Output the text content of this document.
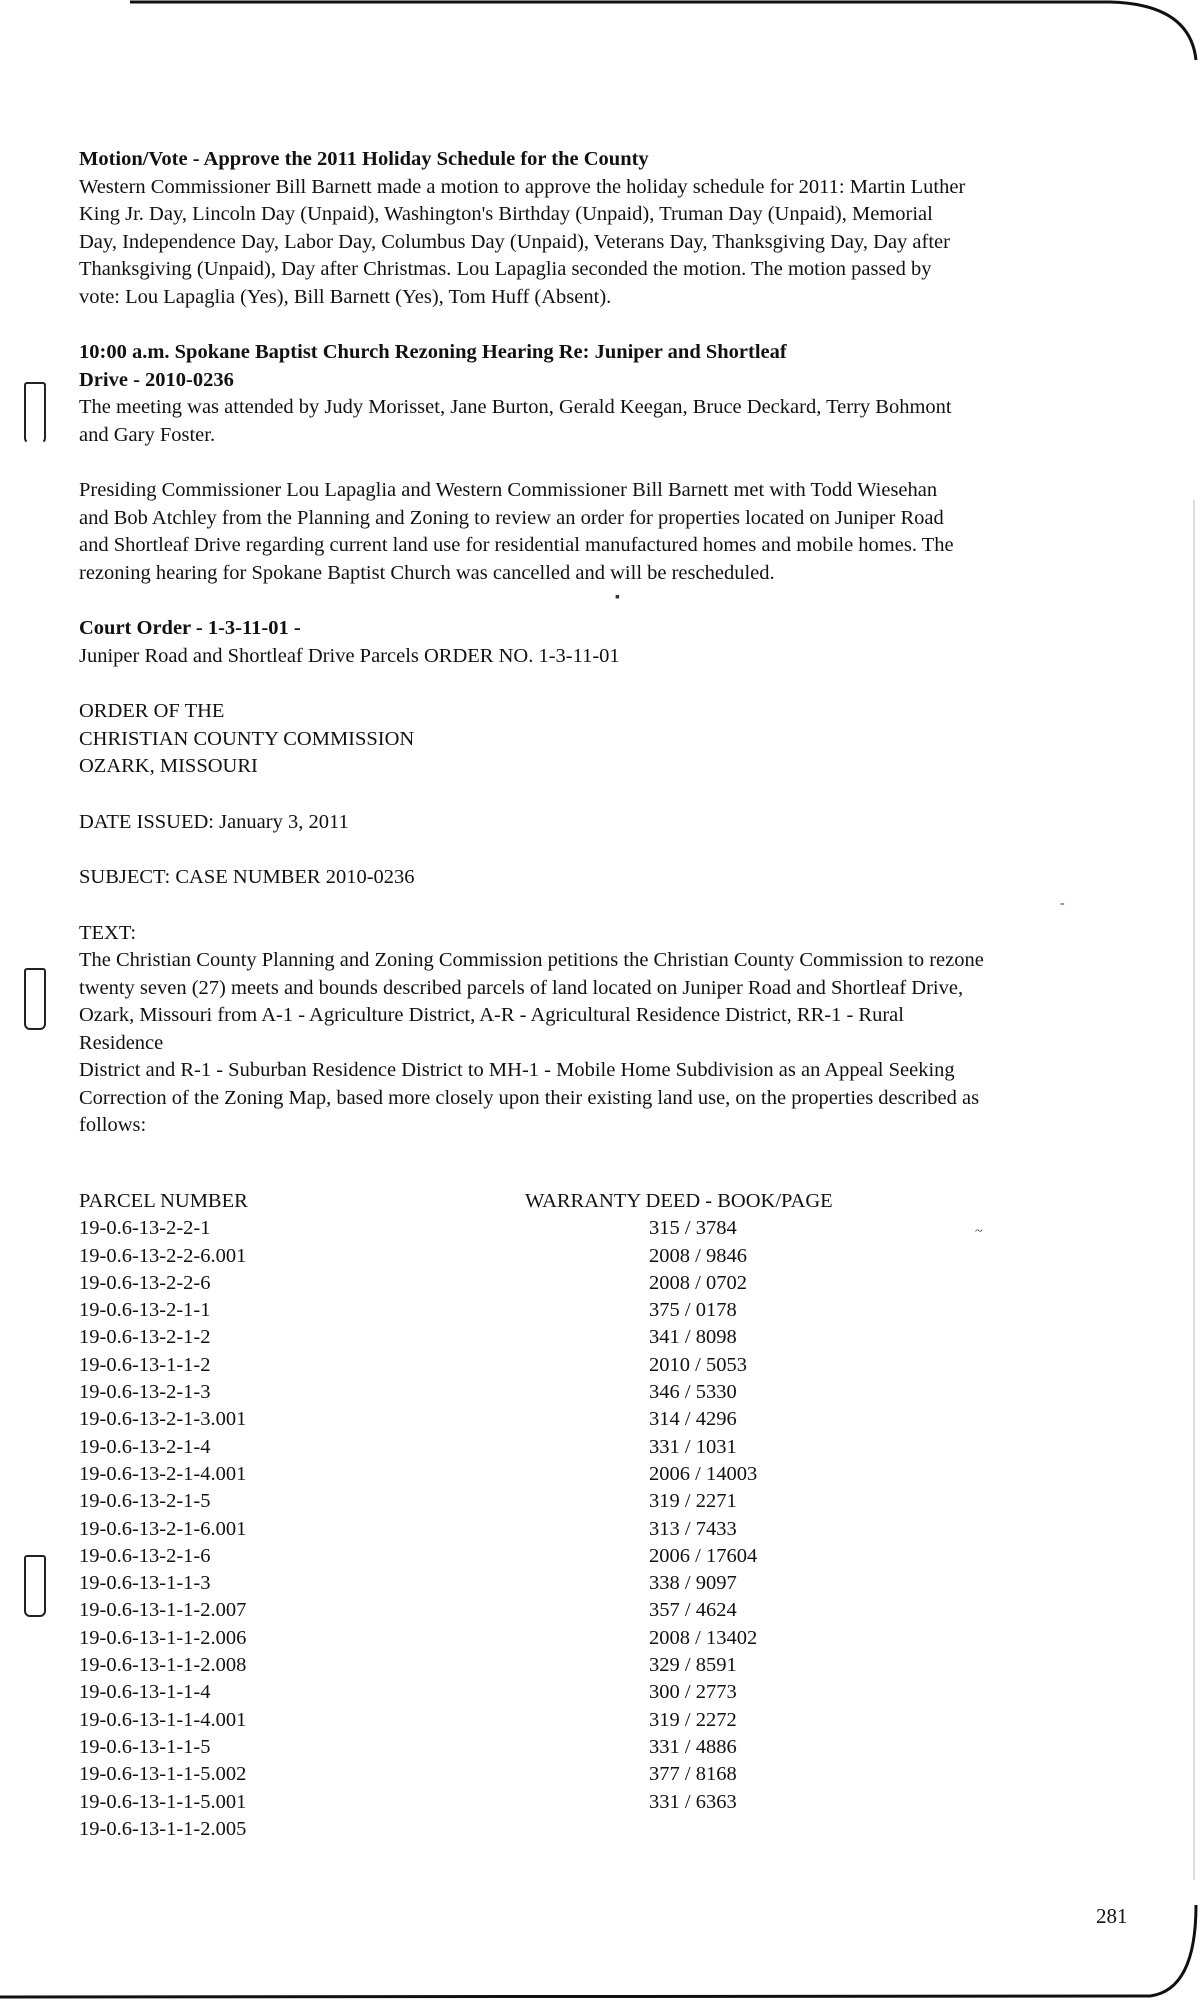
Motion/Vote - Approve the 2011 Holiday Schedule for the County
Western Commissioner Bill Barnett made a motion to approve the holiday schedule for 2011: Martin Luther
King Jr. Day, Lincoln Day (Unpaid), Washington's Birthday (Unpaid), Truman Day (Unpaid), Memorial
Day, Independence Day, Labor Day, Columbus Day (Unpaid), Veterans Day, Thanksgiving Day, Day after
Thanksgiving (Unpaid), Day after Christmas. Lou Lapaglia seconded the motion. The motion passed by
vote: Lou Lapaglia (Yes), Bill Barnett (Yes), Tom Huff (Absent).

10:00 a.m. Spokane Baptist Church Rezoning Hearing Re: Juniper and Shortleaf
Drive - 2010-0236
The meeting was attended by Judy Morisset, Jane Burton, Gerald Keegan, Bruce Deckard, Terry Bohmont
and Gary Foster.

Presiding Commissioner Lou Lapaglia and Western Commissioner Bill Barnett met with Todd Wiesehan
and Bob Atchley from the Planning and Zoning to review an order for properties located on Juniper Road
and Shortleaf Drive regarding current land use for residential manufactured homes and mobile homes. The
rezoning hearing for Spokane Baptist Church was cancelled and will be rescheduled.

Court Order - 1-3-11-01 -
Juniper Road and Shortleaf Drive Parcels ORDER NO. 1-3-11-01

ORDER OF THE
CHRISTIAN COUNTY COMMISSION
OZARK, MISSOURI

DATE ISSUED: January 3, 2011

SUBJECT: CASE NUMBER 2010-0236

TEXT:
The Christian County Planning and Zoning Commission petitions the Christian County Commission to rezone
twenty seven (27) meets and bounds described parcels of land located on Juniper Road and Shortleaf Drive,
Ozark, Missouri from A-1 - Agriculture District, A-R - Agricultural Residence District, RR-1 - Rural
Residence
District and R-1 - Suburban Residence District to MH-1 - Mobile Home Subdivision as an Appeal Seeking
Correction of the Zoning Map, based more closely upon their existing land use, on the properties described as
follows:

PARCEL NUMBER	WARRANTY DEED - BOOK/PAGE
19-0.6-13-2-2-1	315 / 3784
19-0.6-13-2-2-6.001	2008 / 9846
19-0.6-13-2-2-6	2008 / 0702
19-0.6-13-2-1-1	375 / 0178
19-0.6-13-2-1-2	341 / 8098
19-0.6-13-1-1-2	2010 / 5053
19-0.6-13-2-1-3	346 / 5330
19-0.6-13-2-1-3.001	314 / 4296
19-0.6-13-2-1-4	331 / 1031
19-0.6-13-2-1-4.001	2006 / 14003
19-0.6-13-2-1-5	319 / 2271
19-0.6-13-2-1-6.001	313 / 7433
19-0.6-13-2-1-6	2006 / 17604
19-0.6-13-1-1-3	338 / 9097
19-0.6-13-1-1-2.007	357 / 4624
19-0.6-13-1-1-2.006	2008 / 13402
19-0.6-13-1-1-2.008	329 / 8591
19-0.6-13-1-1-4	300 / 2773
19-0.6-13-1-1-4.001	319 / 2272
19-0.6-13-1-1-5	331 / 4886
19-0.6-13-1-1-5.002	377 / 8168
19-0.6-13-1-1-5.001	331 / 6363
19-0.6-13-1-1-2.005
281
~
▪
-
